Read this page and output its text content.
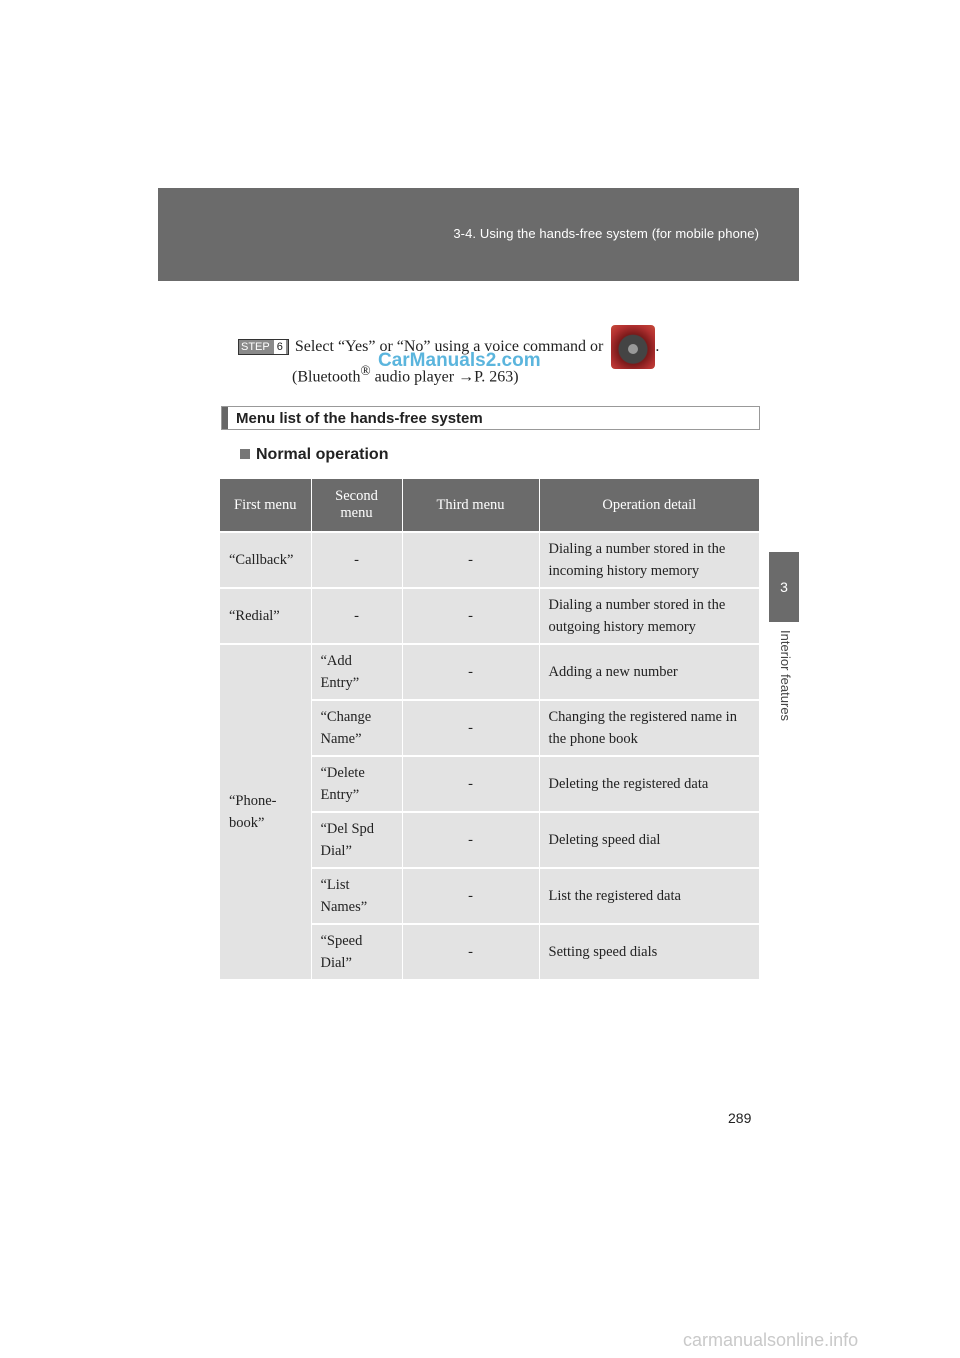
3-4. Using the hands-free system (for mobile phone)
3
Interior features
STEP 6 Select “Yes” or “No” using a voice command or	.
(Bluetooth® audio player →P. 263)
CarManuals2.com
Menu list of the hands-free system
Normal operation
First menu	Second menu	Third menu	Operation detail
“Callback”	-	-	Dialing a number stored in the incoming history memory
“Redial”	-	-	Dialing a number stored in the outgoing history memory
“Phone-book”	“Add Entry”	-	Adding a new number
	“Change Name”	-	Changing the registered name in the phone book
	“Delete Entry”	-	Deleting the registered data
	“Del Spd Dial”	-	Deleting speed dial
	“List Names”	-	List the registered data
	“Speed Dial”	-	Setting speed dials
289
carmanualsonline.info
